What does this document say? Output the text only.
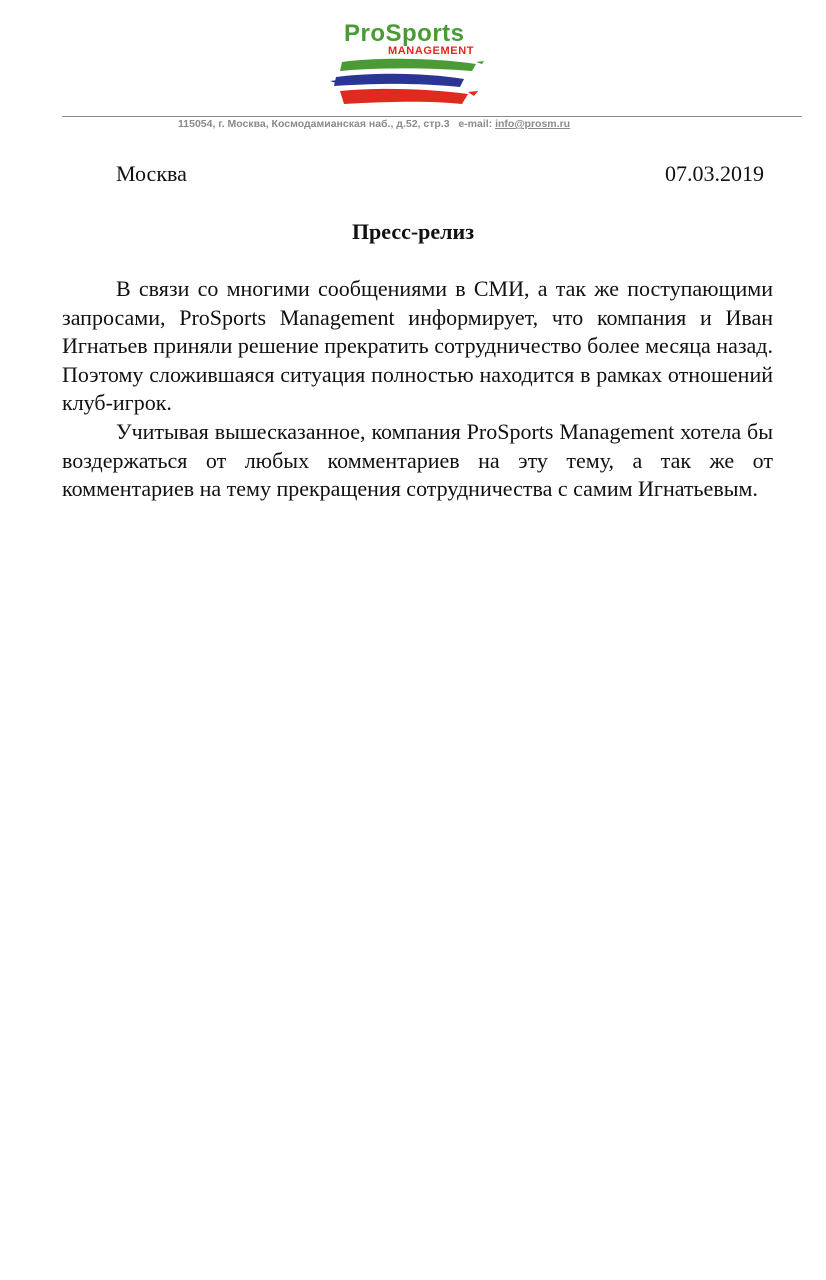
ProSports
MANAGEMENT
115054, г. Москва, Космодамианская наб., д.52, стр.3 e-mail: info@prosm.ru
Москва	07.03.2019
Пресс-релиз

В связи со многими сообщениями в СМИ, а так же поступающими запросами, ProSports Management информирует, что компания и Иван Игнатьев приняли решение прекратить сотрудничество более месяца назад. Поэтому сложившаяся ситуация полностью находится в рамках отношений клуб-игрок.

Учитывая вышесказанное, компания ProSports Management хотела бы воздержаться от любых комментариев на эту тему, а так же от комментариев на тему прекращения сотрудничества с самим Игнатьевым.
